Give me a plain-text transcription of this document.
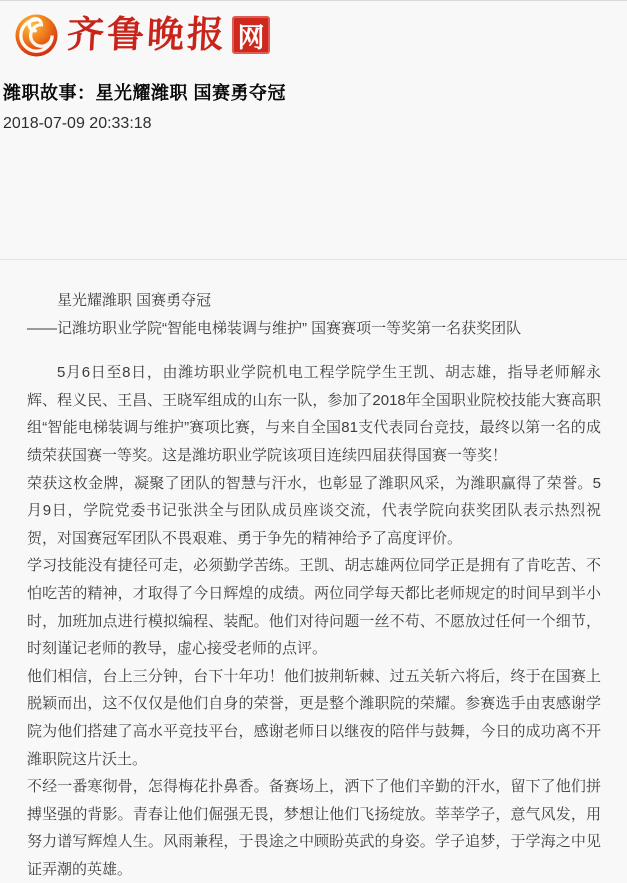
齐鲁晚报 网
潍职故事：星光耀潍职 国赛勇夺冠
2018-07-09 20:33:18

星光耀潍职 国赛勇夺冠

——记潍坊职业学院“智能电梯装调与维护” 国赛赛项一等奖第一名获奖团队

5月6日至8日，由潍坊职业学院机电工程学院学生王凯、胡志雄，指导老师解永辉、程义民、王昌、王晓军组成的山东一队，参加了2018年全国职业院校技能大赛高职组“智能电梯装调与维护”赛项比赛，与来自全国81支代表同台竞技，最终以第一名的成绩荣获国赛一等奖。这是潍坊职业学院该项目连续四届获得国赛一等奖！

荣获这枚金牌，凝聚了团队的智慧与汗水，也彰显了潍职风采，为潍职赢得了荣誉。5月9日，学院党委书记张洪全与团队成员座谈交流，代表学院向获奖团队表示热烈祝贺，对国赛冠军团队不畏艰难、勇于争先的精神给予了高度评价。

学习技能没有捷径可走，必须勤学苦练。王凯、胡志雄两位同学正是拥有了肯吃苦、不怕吃苦的精神，才取得了今日辉煌的成绩。两位同学每天都比老师规定的时间早到半小时，加班加点进行模拟编程、装配。他们对待问题一丝不苟、不愿放过任何一个细节，时刻谨记老师的教导，虚心接受老师的点评。

他们相信，台上三分钟，台下十年功！他们披荆斩棘、过五关斩六将后，终于在国赛上脱颖而出，这不仅仅是他们自身的荣誉，更是整个潍职院的荣耀。参赛选手由衷感谢学院为他们搭建了高水平竞技平台，感谢老师日以继夜的陪伴与鼓舞，今日的成功离不开潍职院这片沃土。

不经一番寒彻骨，怎得梅花扑鼻香。备赛场上，洒下了他们辛勤的汗水，留下了他们拼搏坚强的背影。青春让他们倔强无畏，梦想让他们飞扬绽放。莘莘学子，意气风发，用努力谱写辉煌人生。风雨兼程，于畏途之中顾盼英武的身姿。学子追梦，于学海之中见证弄潮的英雄。
